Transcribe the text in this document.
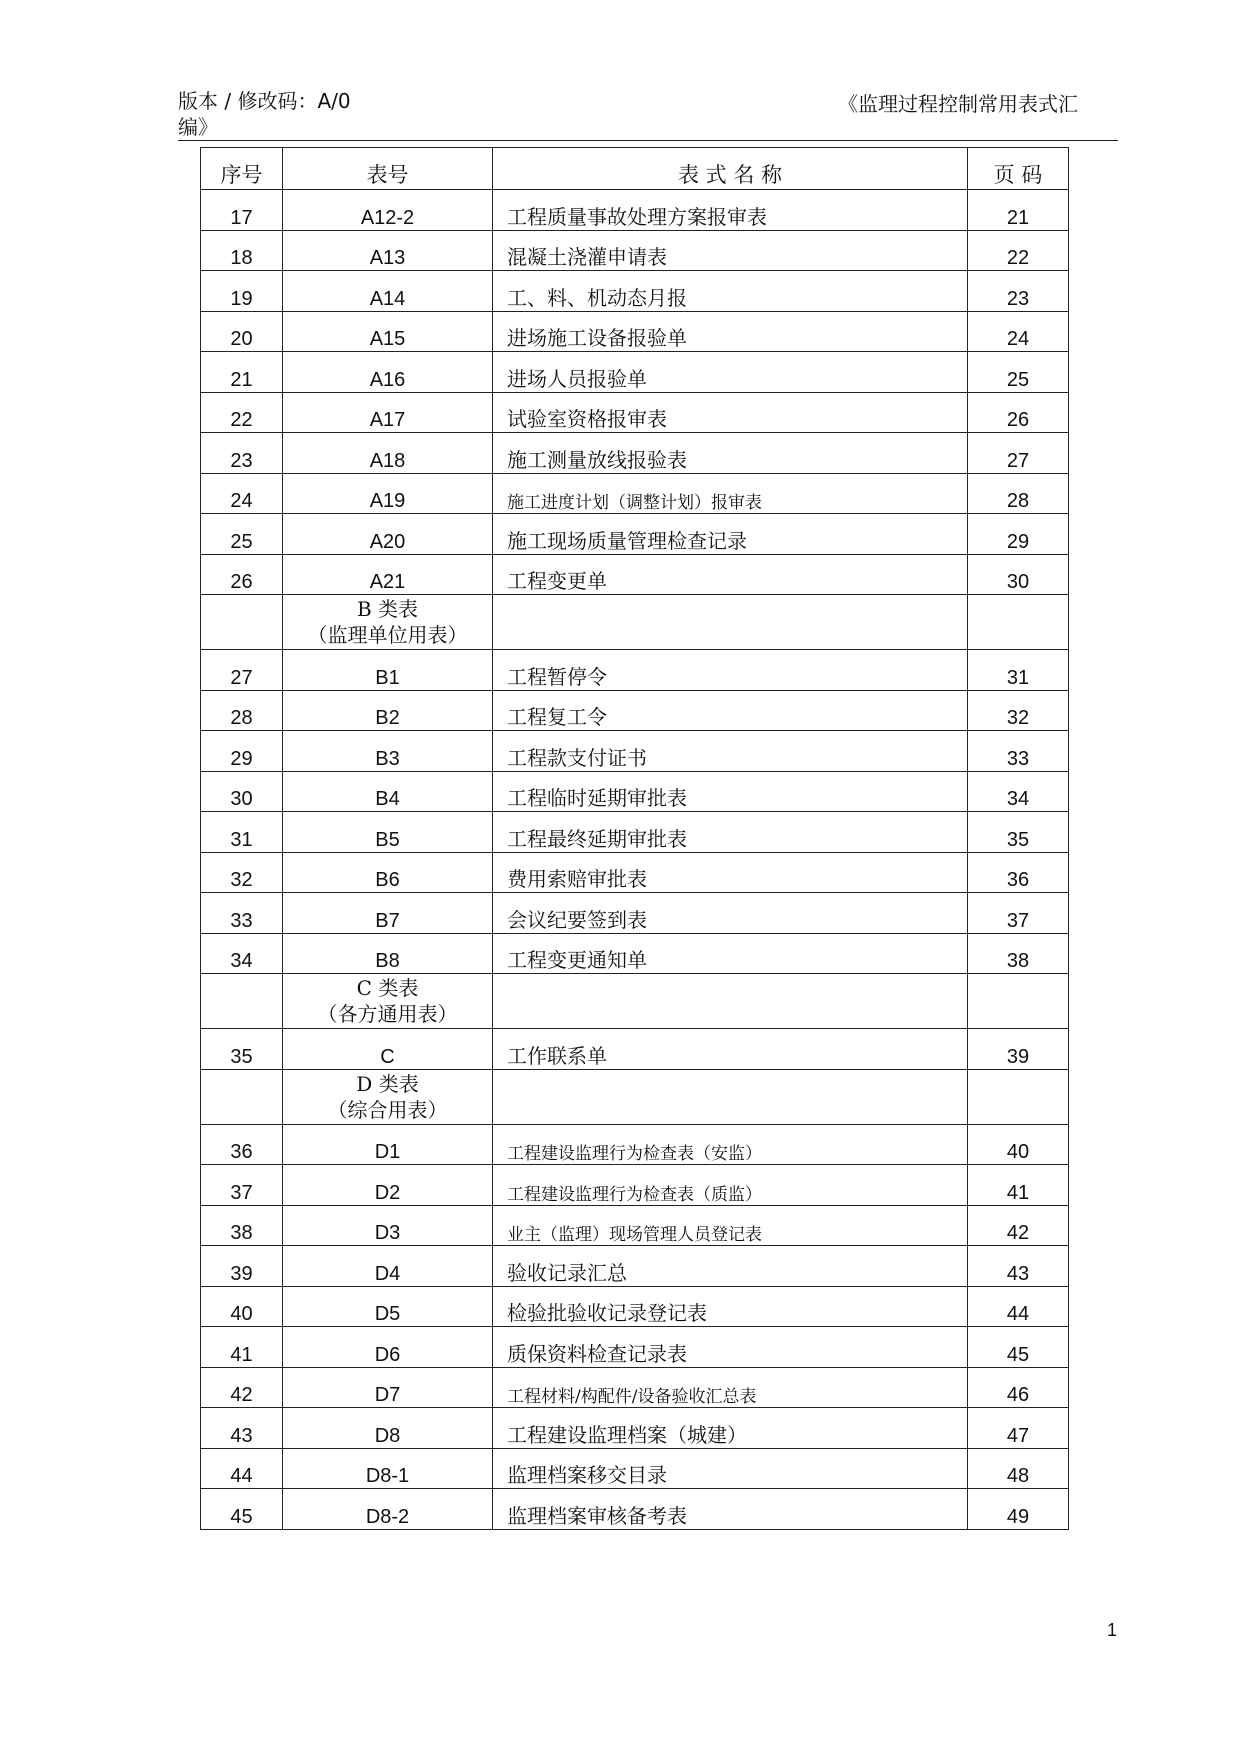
版本 / 修改码：A/0
编》
《监理过程控制常用表式汇
序号	表号	表 式 名 称	页 码
17	A12-2	工程质量事故处理方案报审表	21
18	A13	混凝土浇灌申请表	22
19	A14	工、料、机动态月报	23
20	A15	进场施工设备报验单	24
21	A16	进场人员报验单	25
22	A17	试验室资格报审表	26
23	A18	施工测量放线报验表	27
24	A19	施工进度计划（调整计划）报审表	28
25	A20	施工现场质量管理检查记录	29
26	A21	工程变更单	30

	B 类表
（监理单位用表）		

27	B1	工程暂停令	31
28	B2	工程复工令	32
29	B3	工程款支付证书	33
30	B4	工程临时延期审批表	34
31	B5	工程最终延期审批表	35
32	B6	费用索赔审批表	36
33	B7	会议纪要签到表	37
34	B8	工程变更通知单	38

	C 类表
（各方通用表）		

35	C	工作联系单	39

	D 类表
（综合用表）		

36	D1	工程建设监理行为检查表（安监）	40
37	D2	工程建设监理行为检查表（质监）	41
38	D3	业主（监理）现场管理人员登记表	42
39	D4	验收记录汇总	43
40	D5	检验批验收记录登记表	44
41	D6	质保资料检查记录表	45
42	D7	工程材料/构配件/设备验收汇总表	46
43	D8	工程建设监理档案（城建）	47
44	D8-1	监理档案移交目录	48
45	D8-2	监理档案审核备考表	49
1
